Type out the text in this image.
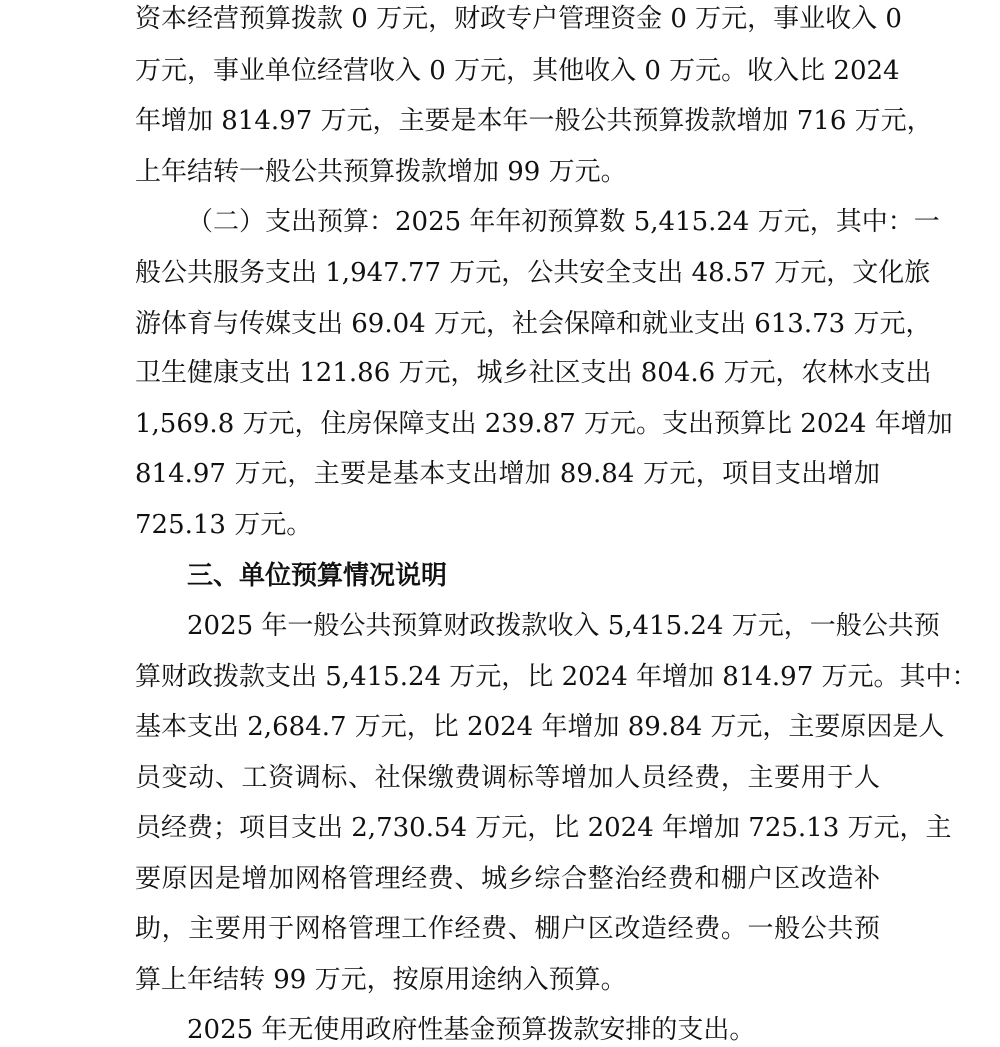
资本经营预算拨款 0 万元，财政专户管理资金 0 万元，事业收入 0
万元，事业单位经营收入 0 万元，其他收入 0 万元。收入比 2024
年增加 814.97 万元，主要是本年一般公共预算拨款增加 716 万元，
上年结转一般公共预算拨款增加 99 万元。
（二）支出预算：2025 年年初预算数 5,415.24 万元，其中：一
般公共服务支出 1,947.77 万元，公共安全支出 48.57 万元，文化旅
游体育与传媒支出 69.04 万元，社会保障和就业支出 613.73 万元，
卫生健康支出 121.86 万元，城乡社区支出 804.6 万元，农林水支出
1,569.8 万元，住房保障支出 239.87 万元。支出预算比 2024 年增加
814.97 万元，主要是基本支出增加 89.84 万元，项目支出增加
725.13 万元。
三、单位预算情况说明
2025 年一般公共预算财政拨款收入 5,415.24 万元，一般公共预
算财政拨款支出 5,415.24 万元，比 2024 年增加 814.97 万元。其中：
基本支出 2,684.7 万元，比 2024 年增加 89.84 万元，主要原因是人
员变动、工资调标、社保缴费调标等增加人员经费，主要用于人
员经费；项目支出 2,730.54 万元，比 2024 年增加 725.13 万元，主
要原因是增加网格管理经费、城乡综合整治经费和棚户区改造补
助，主要用于网格管理工作经费、棚户区改造经费。一般公共预
算上年结转 99 万元，按原用途纳入预算。
2025 年无使用政府性基金预算拨款安排的支出。
